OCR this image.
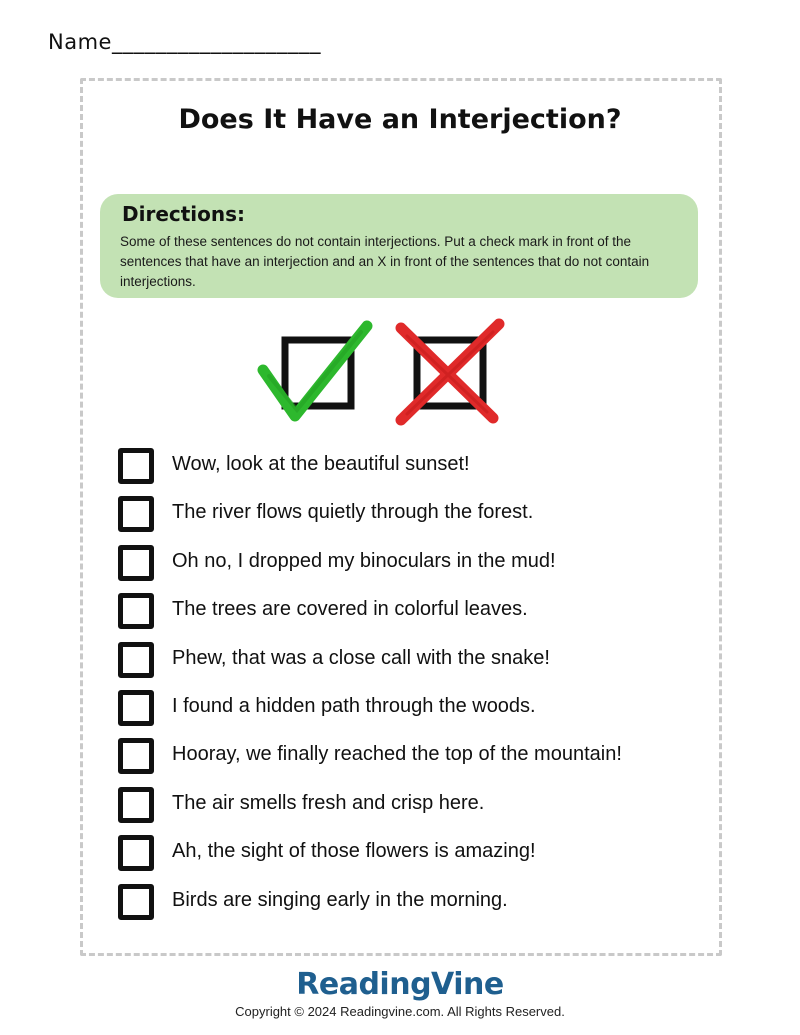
Name___________________
Does It Have an Interjection?
Directions:
Some of these sentences do not contain interjections. Put a check mark in front of the sentences that have an interjection and an X in front of the sentences that do not contain interjections.
Wow, look at the beautiful sunset!
The river flows quietly through the forest.
Oh no, I dropped my binoculars in the mud!
The trees are covered in colorful leaves.
Phew, that was a close call with the snake!
I found a hidden path through the woods.
Hooray, we finally reached the top of the mountain!
The air smells fresh and crisp here.
Ah, the sight of those flowers is amazing!
Birds are singing early in the morning.
ReadingVine
Copyright © 2024 Readingvine.com. All Rights Reserved.
